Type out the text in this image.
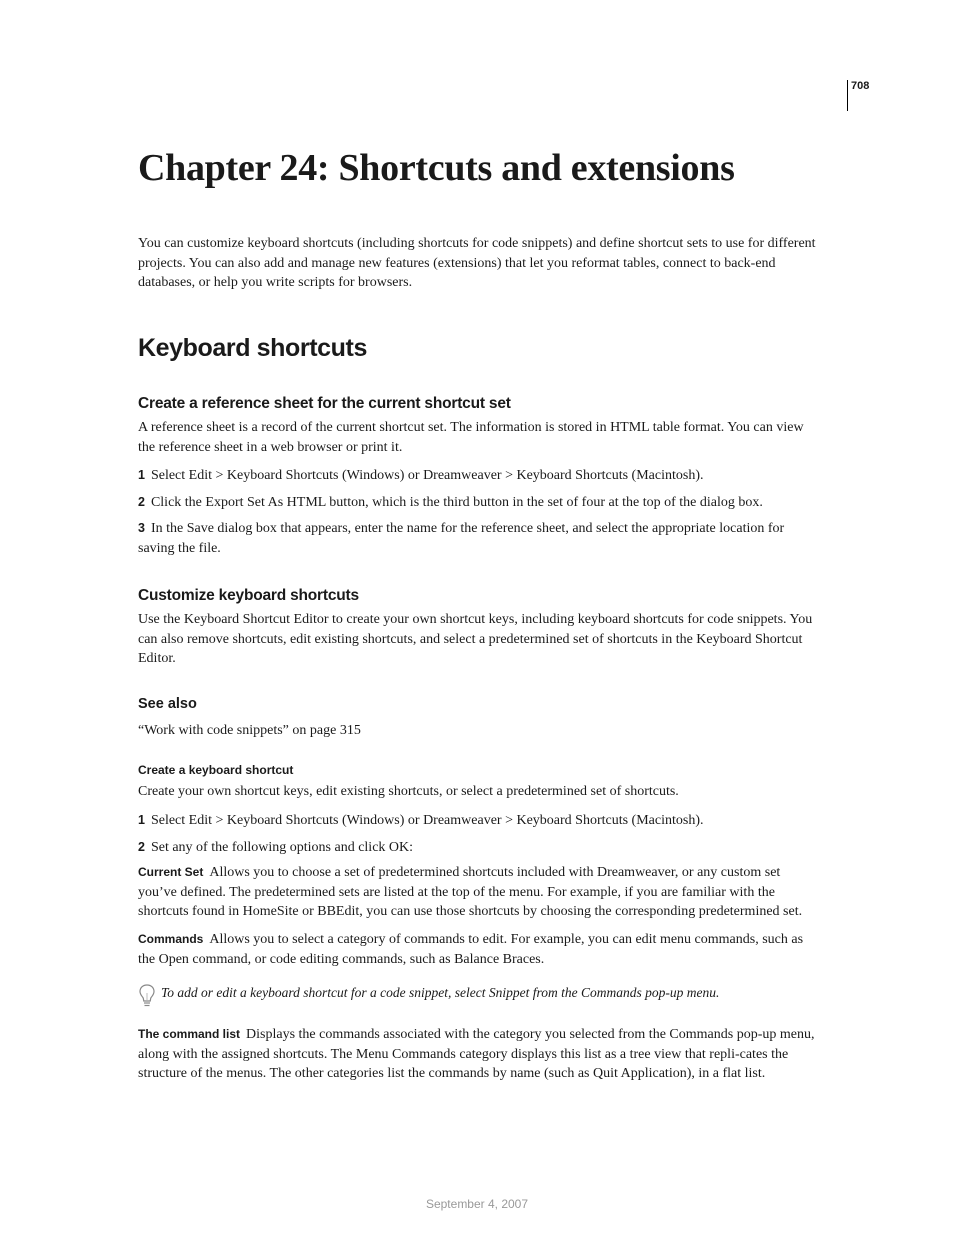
708
Chapter 24: Shortcuts and extensions

You can customize keyboard shortcuts (including shortcuts for code snippets) and define shortcut sets to use for different projects. You can also add and manage new features (extensions) that let you reformat tables, connect to back-end databases, or help you write scripts for browsers.

Keyboard shortcuts
Create a reference sheet for the current shortcut set

A reference sheet is a record of the current shortcut set. The information is stored in HTML table format. You can view the reference sheet in a web browser or print it.

1 Select Edit > Keyboard Shortcuts (Windows) or Dreamweaver > Keyboard Shortcuts (Macintosh).
2 Click the Export Set As HTML button, which is the third button in the set of four at the top of the dialog box.
3 In the Save dialog box that appears, enter the name for the reference sheet, and select the appropriate location for saving the file.
Customize keyboard shortcuts

Use the Keyboard Shortcut Editor to create your own shortcut keys, including keyboard shortcuts for code snippets. You can also remove shortcuts, edit existing shortcuts, and select a predetermined set of shortcuts in the Keyboard Shortcut Editor.

See also

“Work with code snippets” on page 315

Create a keyboard shortcut

Create your own shortcut keys, edit existing shortcuts, or select a predetermined set of shortcuts.

1 Select Edit > Keyboard Shortcuts (Windows) or Dreamweaver > Keyboard Shortcuts (Macintosh).
2 Set any of the following options and click OK:
Current Set Allows you to choose a set of predetermined shortcuts included with Dreamweaver, or any custom set you’ve defined. The predetermined sets are listed at the top of the menu. For example, if you are familiar with the shortcuts found in HomeSite or BBEdit, you can use those shortcuts by choosing the corresponding predetermined set.
Commands Allows you to select a category of commands to edit. For example, you can edit menu commands, such as the Open command, or code editing commands, such as Balance Braces.
To add or edit a keyboard shortcut for a code snippet, select Snippet from the Commands pop-up menu.
The command list Displays the commands associated with the category you selected from the Commands pop-up menu, along with the assigned shortcuts. The Menu Commands category displays this list as a tree view that repli-cates the structure of the menus. The other categories list the commands by name (such as Quit Application), in a flat list.
September 4, 2007
